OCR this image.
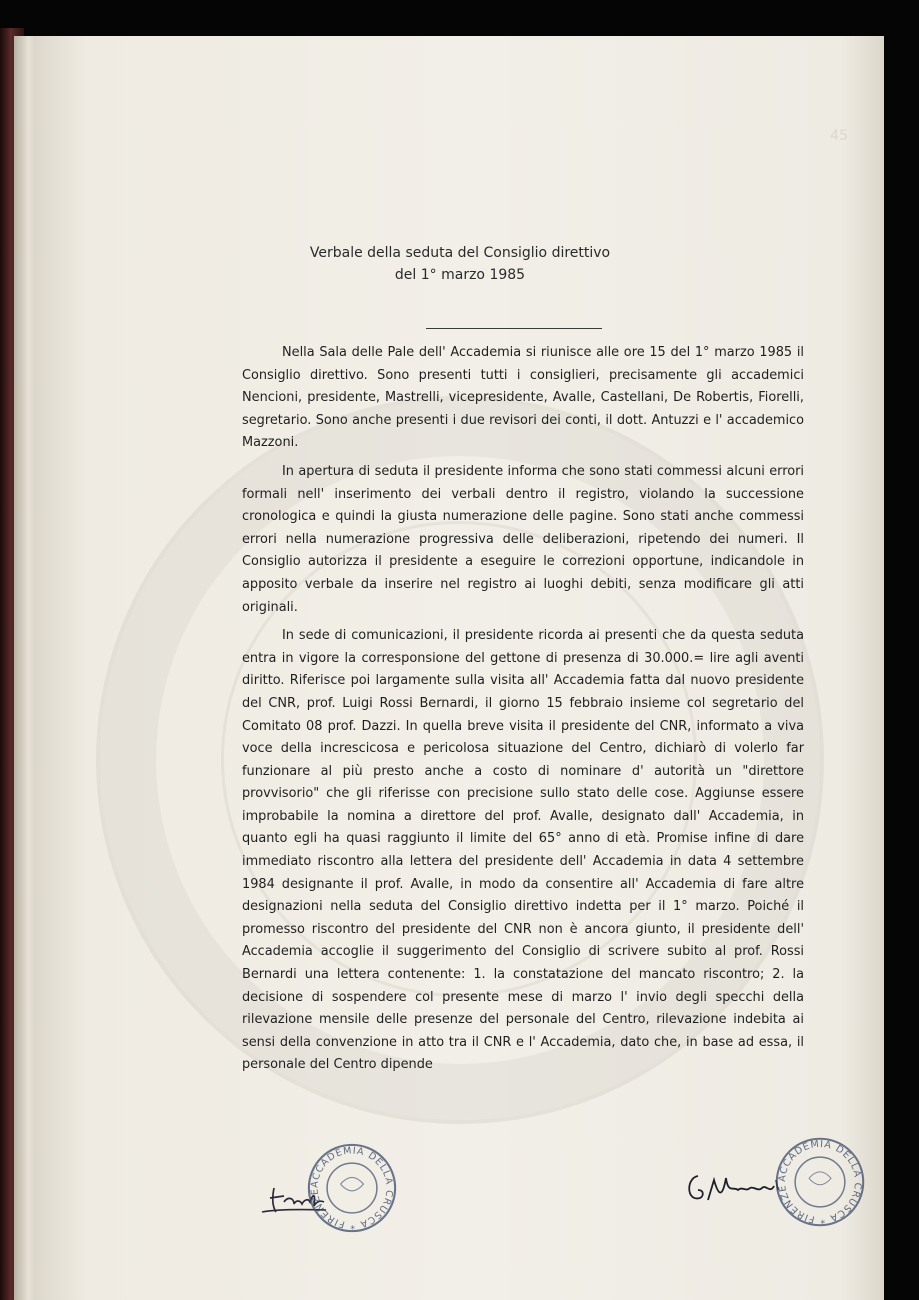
45
Verbale della seduta del Consiglio direttivo
del 1° marzo 1985

Nella Sala delle Pale dell' Accademia si riunisce alle ore 15 del 1° marzo 1985 il Consiglio direttivo. Sono presenti tutti i consiglieri, precisamente gli accademici Nencioni, presidente, Mastrelli, vicepresidente, Avalle, Castellani, De Robertis, Fiorelli, segretario. Sono anche presenti i due revisori dei conti, il dott. Antuzzi e l' accademico Mazzoni.

In apertura di seduta il presidente informa che sono stati commessi alcuni errori formali nell' inserimento dei verbali dentro il registro, violando la successione cronologica e quindi la giusta numerazione delle pagine. Sono stati anche commessi errori nella numerazione progressiva delle deliberazioni, ripetendo dei numeri. Il Consiglio autorizza il presidente a eseguire le correzioni opportune, indicandole in apposito verbale da inserire nel registro ai luoghi debiti, senza modificare gli atti originali.

In sede di comunicazioni, il presidente ricorda ai presenti che da questa seduta entra in vigore la corresponsione del gettone di presenza di 30.000.= lire agli aventi diritto. Riferisce poi largamente sulla visita all' Accademia fatta dal nuovo presidente del CNR, prof. Luigi Rossi Bernardi, il giorno 15 febbraio insieme col segretario del Comitato 08 prof. Dazzi. In quella breve visita il presidente del CNR, informato a viva voce della increscicosa e pericolosa situazione del Centro, dichiarò di volerlo far funzionare al più presto anche a costo di nominare d' autorità un "direttore provvisorio" che gli riferisse con precisione sullo stato delle cose. Aggiunse essere improbabile la nomina a direttore del prof. Avalle, designato dall' Accademia, in quanto egli ha quasi raggiunto il limite del 65° anno di età. Promise infine di dare immediato riscontro alla lettera del presidente dell' Accademia in data 4 settembre 1984 designante il prof. Avalle, in modo da consentire all' Accademia di fare altre designazioni nella seduta del Consiglio direttivo indetta per il 1° marzo. Poiché il promesso riscontro del presidente del CNR non è ancora giunto, il presidente dell' Accademia accoglie il suggerimento del Consiglio di scrivere subito al prof. Rossi Bernardi una lettera contenente: 1. la constatazione del mancato riscontro; 2. la decisione di sospendere col presente mese di marzo l' invio degli specchi della rilevazione mensile delle presenze del personale del Centro, rilevazione indebita ai sensi della convenzione in atto tra il CNR e l' Accademia, dato che, in base ad essa, il personale del Centro dipende

ACCADEMIA DELLA CRUSCA * FIRENZE
ACCADEMIA DELLA CRUSCA * FIRENZE
